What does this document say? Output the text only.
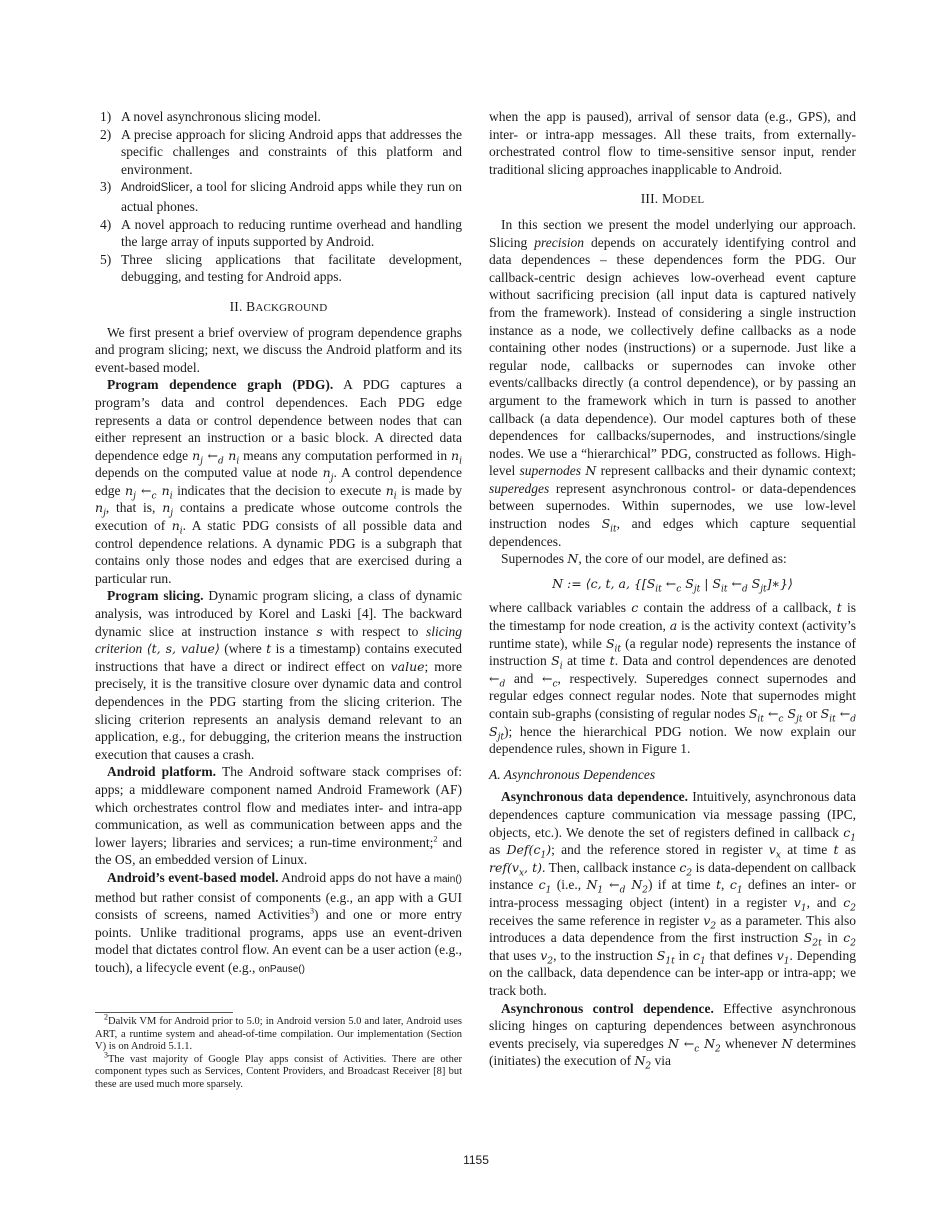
1) A novel asynchronous slicing model.
2) A precise approach for slicing Android apps that addresses the specific challenges and constraints of this platform and environment.
3) AndroidSlicer, a tool for slicing Android apps while they run on actual phones.
4) A novel approach to reducing runtime overhead and handling the large array of inputs supported by Android.
5) Three slicing applications that facilitate development, debugging, and testing for Android apps.
II. BACKGROUND

We first present a brief overview of program dependence graphs and program slicing; next, we discuss the Android platform and its event-based model.

Program dependence graph (PDG). A PDG captures a program’s data and control dependences. Each PDG edge represents a data or control dependence between nodes that can either represent an instruction or a basic block. A directed data dependence edge $n_j$ $\leftarrow_d$ $n_i$ means any computation performed in $n_i$ depends on the computed value at node $n_j$. A control dependence edge $n_j$ $\leftarrow_c$ $n_i$ indicates that the decision to execute $n_i$ is made by $n_j$, that is, $n_j$ contains a predicate whose outcome controls the execution of $n_i$. A static PDG consists of all possible data and control dependence relations. A dynamic PDG is a subgraph that contains only those nodes and edges that are exercised during a particular run.

Program slicing. Dynamic program slicing, a class of dynamic analysis, was introduced by Korel and Laski [4]. The backward dynamic slice at instruction instance s with respect to slicing criterion ⟨t, s, value⟩ (where t is a timestamp) contains executed instructions that have a direct or indirect effect on value; more precisely, it is the transitive closure over dynamic data and control dependences in the PDG starting from the slicing criterion. The slicing criterion represents an analysis demand relevant to an application, e.g., for debugging, the criterion means the instruction execution that causes a crash.

Android platform. The Android software stack comprises of: apps; a middleware component named Android Framework (AF) which orchestrates control flow and mediates inter- and intra-app communication, as well as communication between apps and the lower layers; libraries and services; a run-time environment;$^2$ and the OS, an embedded version of Linux.

Android’s event-based model. Android apps do not have a main() method but rather consist of components (e.g., an app with a GUI consists of screens, named Activities$^3$) and one or more entry points. Unlike traditional programs, apps use an event-driven model that dictates control flow. An event can be a user action (e.g., touch), a lifecycle event (e.g., onPause()

$^2$Dalvik VM for Android prior to 5.0; in Android version 5.0 and later, Android uses ART, a runtime system and ahead-of-time compilation. Our implementation (Section V) is on Android 5.1.1.

$^3$The vast majority of Google Play apps consist of Activities. There are other component types such as Services, Content Providers, and Broadcast Receiver [8] but these are used much more sparsely.

when the app is paused), arrival of sensor data (e.g., GPS), and inter- or intra-app messages. All these traits, from externally-orchestrated control flow to time-sensitive sensor input, render traditional slicing approaches inapplicable to Android.

III. MODEL

In this section we present the model underlying our approach. Slicing precision depends on accurately identifying control and data dependences – these dependences form the PDG. Our callback-centric design achieves low-overhead event capture without sacrificing precision (all input data is captured natively from the framework). Instead of considering a single instruction instance as a node, we collectively define callbacks as a node containing other nodes (instructions) or a supernode. Just like a regular node, callbacks or supernodes can invoke other events/callbacks directly (a control dependence), or by passing an argument to the framework which in turn is passed to another callback (a data dependence). Our model captures both of these dependences for callbacks/supernodes, and instructions/single nodes. We use a “hierarchical” PDG, constructed as follows. High-level supernodes N represent callbacks and their dynamic context; superedges represent asynchronous control- or data-dependences between supernodes. Within supernodes, we use low-level instruction nodes $S_{it}$, and edges which capture sequential dependences.

Supernodes N, the core of our model, are defined as:

N := ⟨c, t, a, {[$S_{it}$ $\leftarrow_c$ $S_{jt}$ | $S_{it}$ $\leftarrow_d$ $S_{jt}]∗\}⟩$

where callback variables c contain the address of a callback, t is the timestamp for node creation, a is the activity context (activity’s runtime state), while $S_{it}$ (a regular node) represents the instance of instruction $S_i$ at time t. Data and control dependences are denoted $\leftarrow_d$ and $\leftarrow_c$, respectively. Superedges connect supernodes and regular edges connect regular nodes. Note that supernodes might contain sub-graphs (consisting of regular nodes $S_{it}$ $\leftarrow_c$ $S_{jt}$ or $S_{it}$ $\leftarrow_d$ $S_{jt}$); hence the hierarchical PDG notion. We now explain our dependence rules, shown in Figure 1.

A. Asynchronous Dependences

Asynchronous data dependence. Intuitively, asynchronous data dependences capture communication via message passing (IPC, objects, etc.). We denote the set of registers defined in callback $c_1$ as $Def(c_1)$; and the reference stored in register $v_x$ at time t as $ref(v_x$, t). Then, callback instance $c_2$ is data-dependent on callback instance $c_1$ (i.e., $N_1$ $\leftarrow_d$ $N_2$) if at time t, $c_1$ defines an inter- or intra-process messaging object (intent) in a register $v_1$, and $c_2$ receives the same reference in register $v_2$ as a parameter. This also introduces a data dependence from the first instruction $S_{2t}$ in $c_2$ that uses $v_2$, to the instruction $S_{1t}$ in $c_1$ that defines $v_1$. Depending on the callback, data dependence can be inter-app or intra-app; we track both.

Asynchronous control dependence. Effective asynchronous slicing hinges on capturing dependences between asynchronous events precisely, via superedges N $\leftarrow_c$ $N_2$ whenever N determines (initiates) the execution of $N_2$ via

1155
